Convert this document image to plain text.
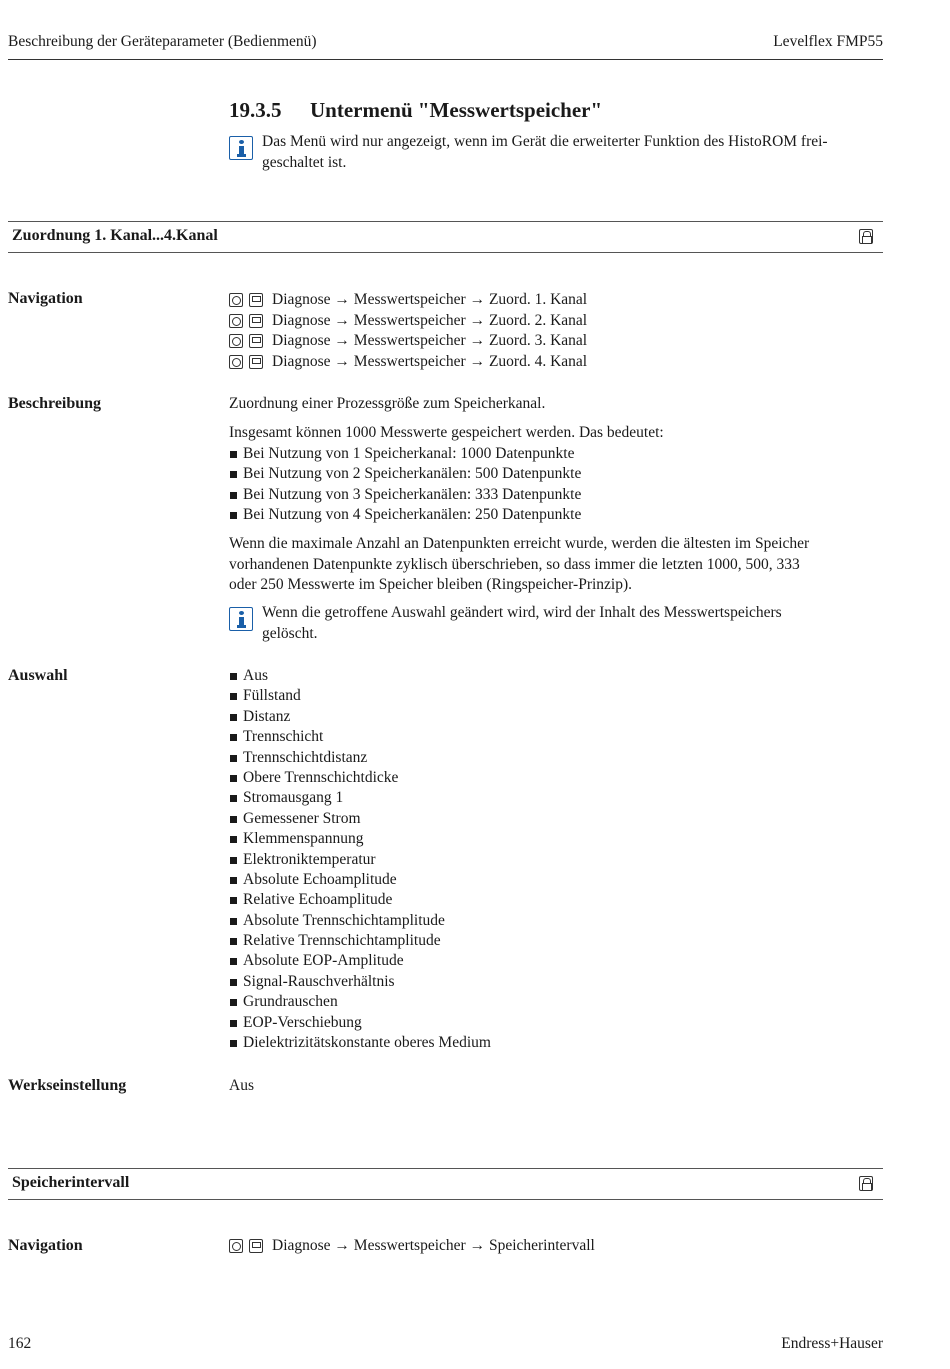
Beschreibung der Geräteparameter (Bedienmenü)	Levelflex FMP55
19.3.5 Untermenü "Messwertspeicher"
Das Menü wird nur angezeigt, wenn im Gerät die erweiterter Funktion des HistoROM frei-
geschaltet ist.
Zuordnung 1. Kanal...4.Kanal
Navigation	Diagnose → Messwertspeicher → Zuord. 1. Kanal
Diagnose → Messwertspeicher → Zuord. 2. Kanal
Diagnose → Messwertspeicher → Zuord. 3. Kanal
Diagnose → Messwertspeicher → Zuord. 4. Kanal
Beschreibung	Zuordnung einer Prozessgröße zum Speicherkanal.
Insgesamt können 1000 Messwerte gespeichert werden. Das bedeutet:
Bei Nutzung von 1 Speicherkanal: 1000 Datenpunkte
Bei Nutzung von 2 Speicherkanälen: 500 Datenpunkte
Bei Nutzung von 3 Speicherkanälen: 333 Datenpunkte
Bei Nutzung von 4 Speicherkanälen: 250 Datenpunkte
Wenn die maximale Anzahl an Datenpunkten erreicht wurde, werden die ältesten im Speicher
vorhandenen Datenpunkte zyklisch überschrieben, so dass immer die letzten 1000, 500, 333
oder 250 Messwerte im Speicher bleiben (Ringspeicher-Prinzip).
Wenn die getroffene Auswahl geändert wird, wird der Inhalt des Messwertspeichers
gelöscht.
Auswahl	Aus
Füllstand
Distanz
Trennschicht
Trennschichtdistanz
Obere Trennschichtdicke
Stromausgang 1
Gemessener Strom
Klemmenspannung
Elektroniktemperatur
Absolute Echoamplitude
Relative Echoamplitude
Absolute Trennschichtamplitude
Relative Trennschichtamplitude
Absolute EOP-Amplitude
Signal-Rauschverhältnis
Grundrauschen
EOP-Verschiebung
Dielektrizitätskonstante oberes Medium
Werkseinstellung	Aus
Speicherintervall
Navigation	Diagnose → Messwertspeicher → Speicherintervall
162	Endress+Hauser
